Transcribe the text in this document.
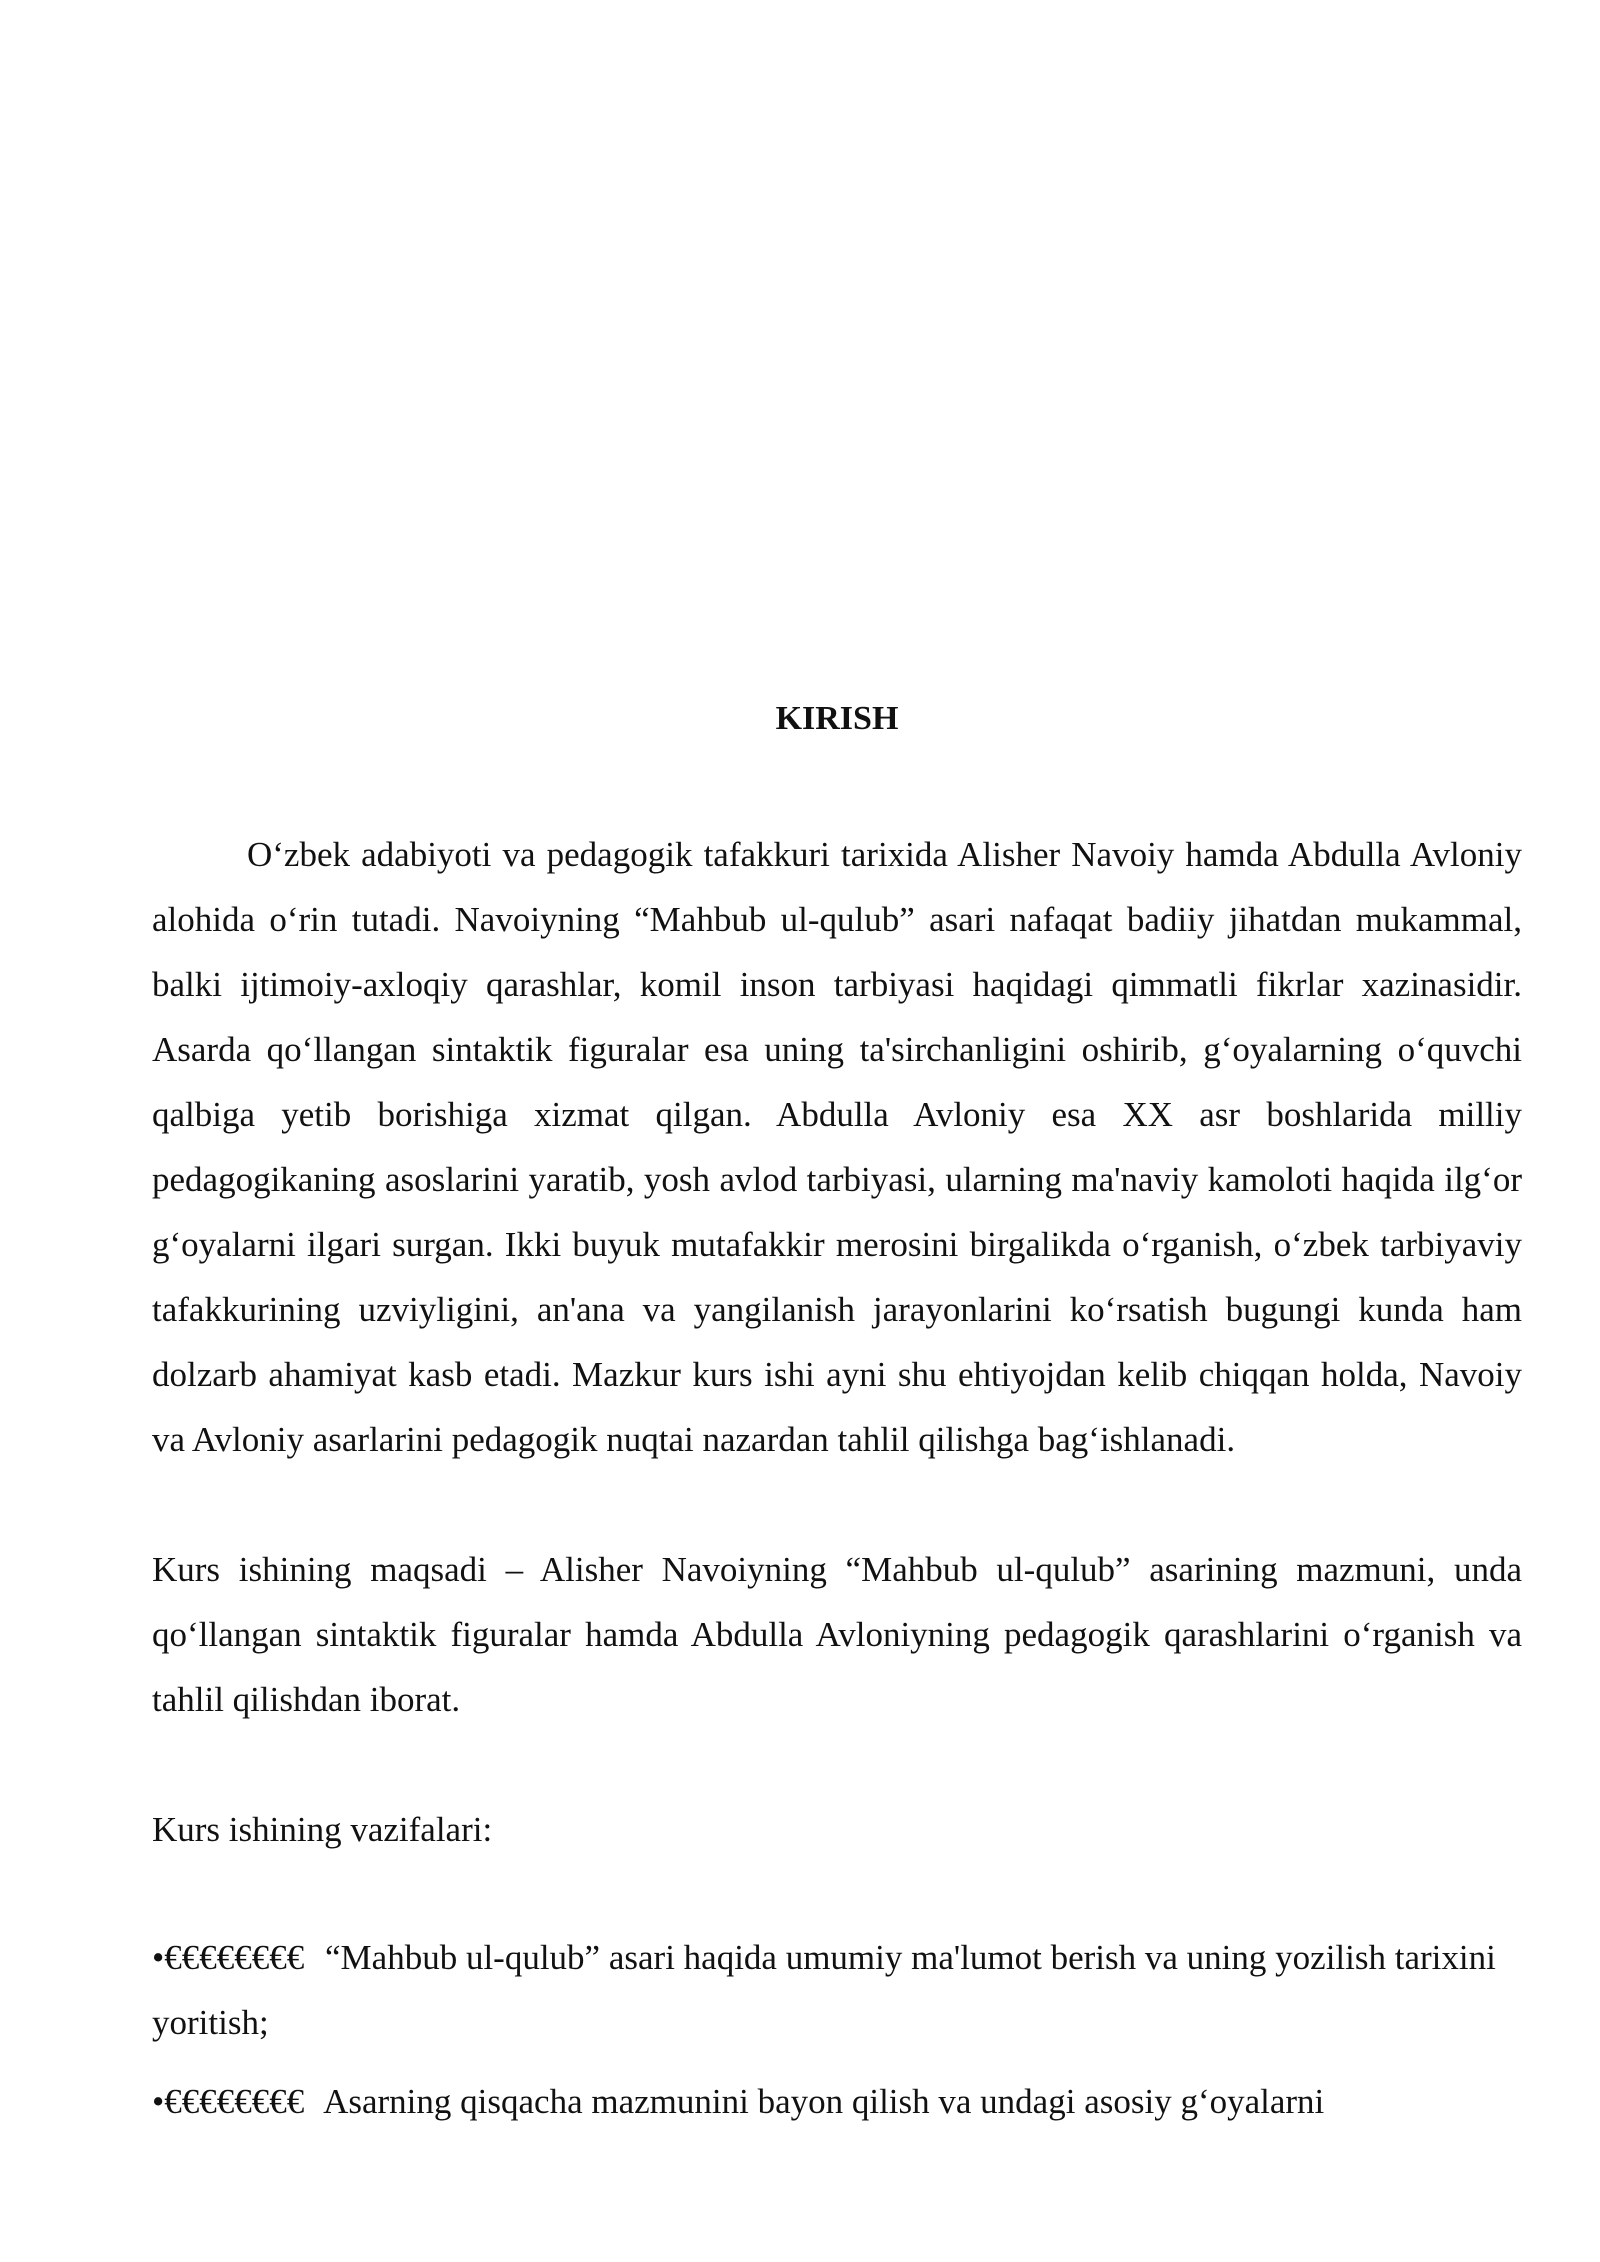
KIRISH

O‘zbek adabiyoti va pedagogik tafakkuri tarixida Alisher Navoiy hamda Abdulla Avloniy alohida o‘rin tutadi. Navoiyning “Mahbub ul-qulub” asari nafaqat badiiy jihatdan mukammal, balki ijtimoiy-axloqiy qarashlar, komil inson tarbiyasi haqidagi qimmatli fikrlar xazinasidir. Asarda qo‘llangan sintaktik figuralar esa uning ta'sirchanligini oshirib, g‘oyalarning o‘quvchi qalbiga yetib borishiga xizmat qilgan. Abdulla Avloniy esa XX asr boshlarida milliy pedagogikaning asoslarini yaratib, yosh avlod tarbiyasi, ularning ma'naviy kamoloti haqida ilg‘or g‘oyalarni ilgari surgan. Ikki buyuk mutafakkir merosini birgalikda o‘rganish, o‘zbek tarbiyaviy tafakkurining uzviyligini, an'ana va yangilanish jarayonlarini ko‘rsatish bugungi kunda ham dolzarb ahamiyat kasb etadi. Mazkur kurs ishi ayni shu ehtiyojdan kelib chiqqan holda, Navoiy va Avloniy asarlarini pedagogik nuqtai nazardan tahlil qilishga bag‘ishlanadi.

Kurs ishining maqsadi – Alisher Navoiyning “Mahbub ul-qulub” asarining mazmuni, unda qo‘llangan sintaktik figuralar hamda Abdulla Avloniyning pedagogik qarashlarini o‘rganish va tahlil qilishdan iborat.

Kurs ishining vazifalari:

•€€€€€€€€ “Mahbub ul-qulub” asari haqida umumiy ma'lumot berish va uning yozilish tarixini yoritish;
•€€€€€€€€ Asarning qisqacha mazmunini bayon qilish va undagi asosiy g‘oyalarni
